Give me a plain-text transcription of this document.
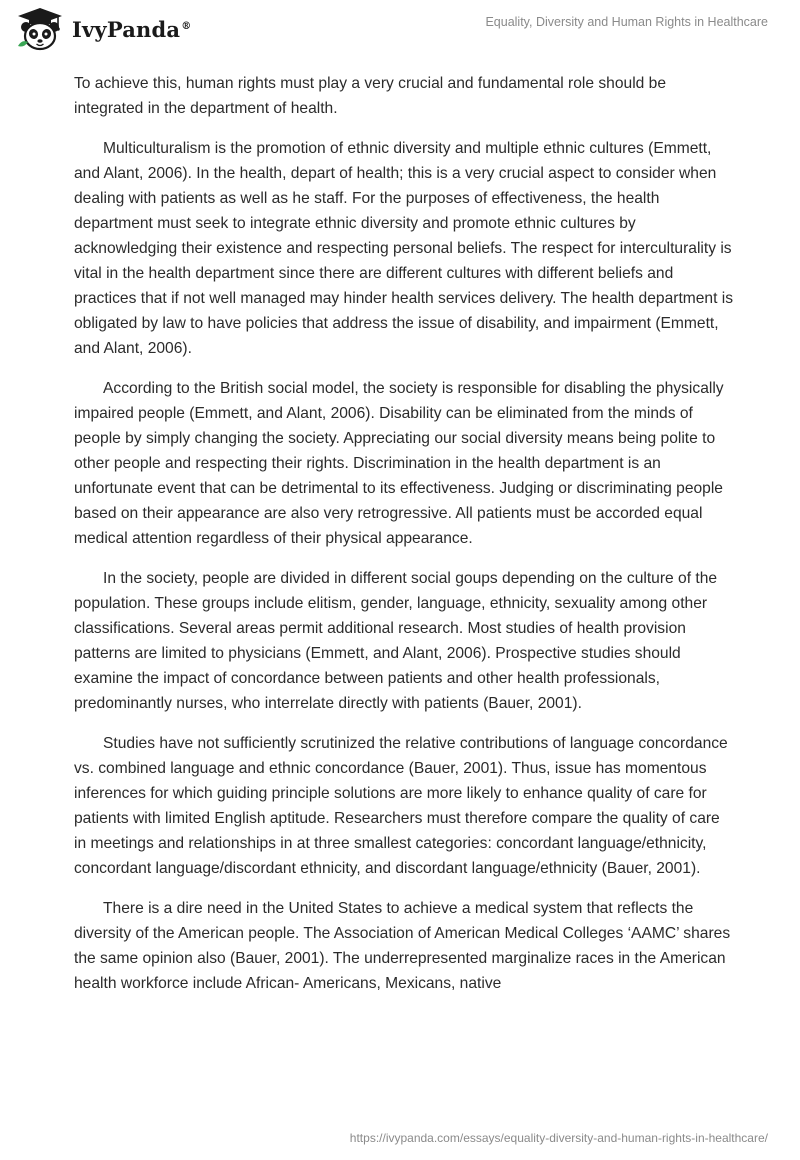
IvyPanda®	Equality, Diversity and Human Rights in Healthcare

To achieve this, human rights must play a very crucial and fundamental role should be integrated in the department of health.

Multiculturalism is the promotion of ethnic diversity and multiple ethnic cultures (Emmett, and Alant, 2006). In the health, depart of health; this is a very crucial aspect to consider when dealing with patients as well as he staff. For the purposes of effectiveness, the health department must seek to integrate ethnic diversity and promote ethnic cultures by acknowledging their existence and respecting personal beliefs. The respect for interculturality is vital in the health department since there are different cultures with different beliefs and practices that if not well managed may hinder health services delivery. The health department is obligated by law to have policies that address the issue of disability, and impairment (Emmett, and Alant, 2006).

According to the British social model, the society is responsible for disabling the physically impaired people (Emmett, and Alant, 2006). Disability can be eliminated from the minds of people by simply changing the society. Appreciating our social diversity means being polite to other people and respecting their rights. Discrimination in the health department is an unfortunate event that can be detrimental to its effectiveness. Judging or discriminating people based on their appearance are also very retrogressive. All patients must be accorded equal medical attention regardless of their physical appearance.

In the society, people are divided in different social goups depending on the culture of the population. These groups include elitism, gender, language, ethnicity, sexuality among other classifications. Several areas permit additional research. Most studies of health provision patterns are limited to physicians (Emmett, and Alant, 2006). Prospective studies should examine the impact of concordance between patients and other health professionals, predominantly nurses, who interrelate directly with patients (Bauer, 2001).

Studies have not sufficiently scrutinized the relative contributions of language concordance vs. combined language and ethnic concordance (Bauer, 2001). Thus, issue has momentous inferences for which guiding principle solutions are more likely to enhance quality of care for patients with limited English aptitude. Researchers must therefore compare the quality of care in meetings and relationships in at three smallest categories: concordant language/ethnicity, concordant language/discordant ethnicity, and discordant language/ethnicity (Bauer, 2001).

There is a dire need in the United States to achieve a medical system that reflects the diversity of the American people. The Association of American Medical Colleges ‘AAMC’ shares the same opinion also (Bauer, 2001). The underrepresented marginalize races in the American health workforce include African- Americans, Mexicans, native

https://ivypanda.com/essays/equality-diversity-and-human-rights-in-healthcare/
